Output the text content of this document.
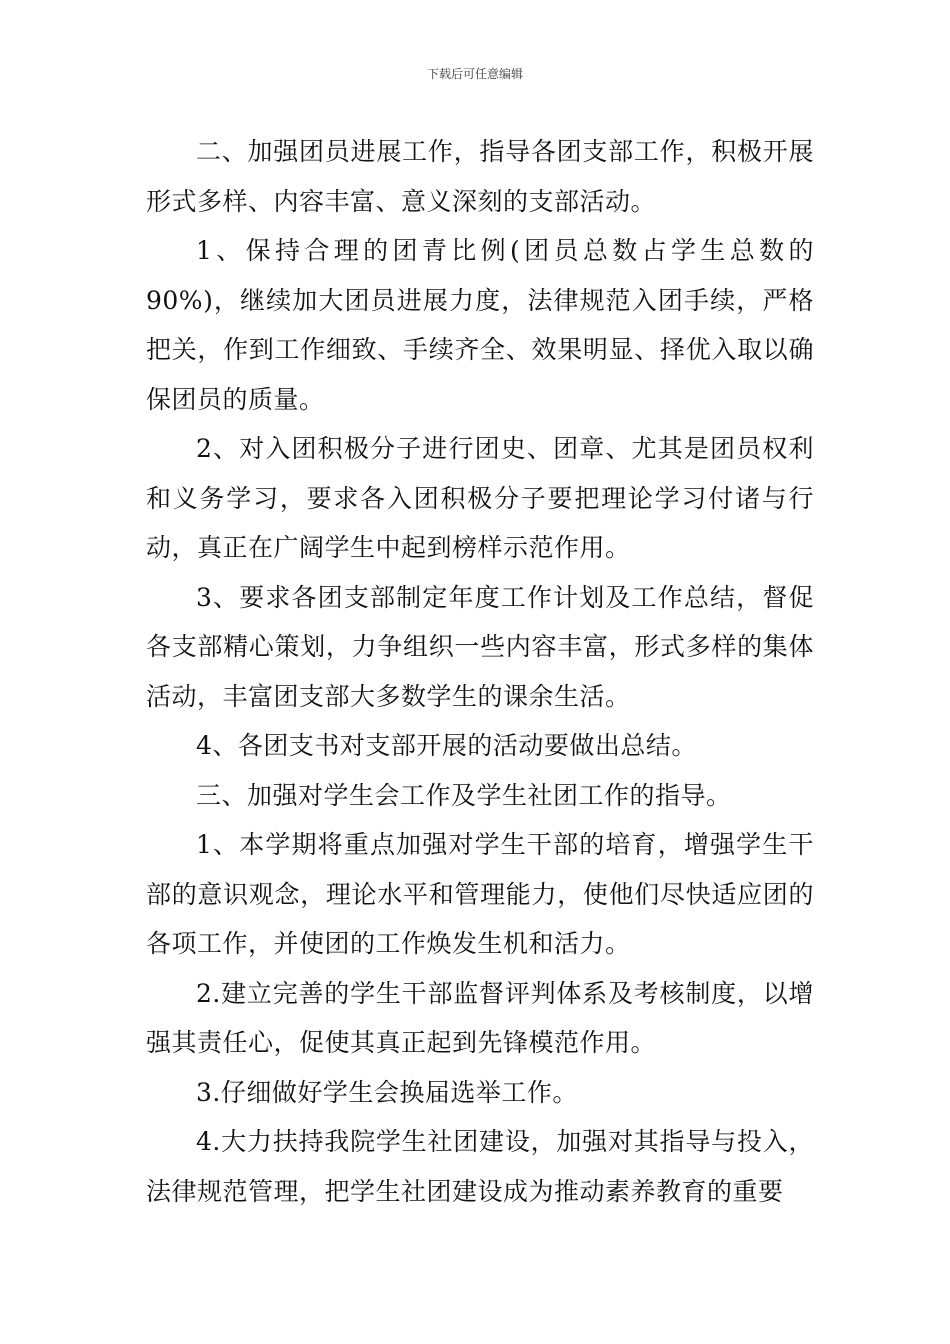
下载后可任意编辑

二、加强团员进展工作，指导各团支部工作，积极开展形式多样、内容丰富、意义深刻的支部活动。

1、保持合理的团青比例(团员总数占学生总数的90%)，继续加大团员进展力度，法律规范入团手续，严格把关，作到工作细致、手续齐全、效果明显、择优入取以确保团员的质量。

2、对入团积极分子进行团史、团章、尤其是团员权利和义务学习，要求各入团积极分子要把理论学习付诸与行动，真正在广阔学生中起到榜样示范作用。

3、要求各团支部制定年度工作计划及工作总结，督促各支部精心策划，力争组织一些内容丰富，形式多样的集体活动，丰富团支部大多数学生的课余生活。

4、各团支书对支部开展的活动要做出总结。

三、加强对学生会工作及学生社团工作的指导。

1、本学期将重点加强对学生干部的培育，增强学生干部的意识观念，理论水平和管理能力，使他们尽快适应团的各项工作，并使团的工作焕发生机和活力。

2.建立完善的学生干部监督评判体系及考核制度，以增强其责任心，促使其真正起到先锋模范作用。

3.仔细做好学生会换届选举工作。

4.大力扶持我院学生社团建设，加强对其指导与投入，法律规范管理，把学生社团建设成为推动素养教育的重要
